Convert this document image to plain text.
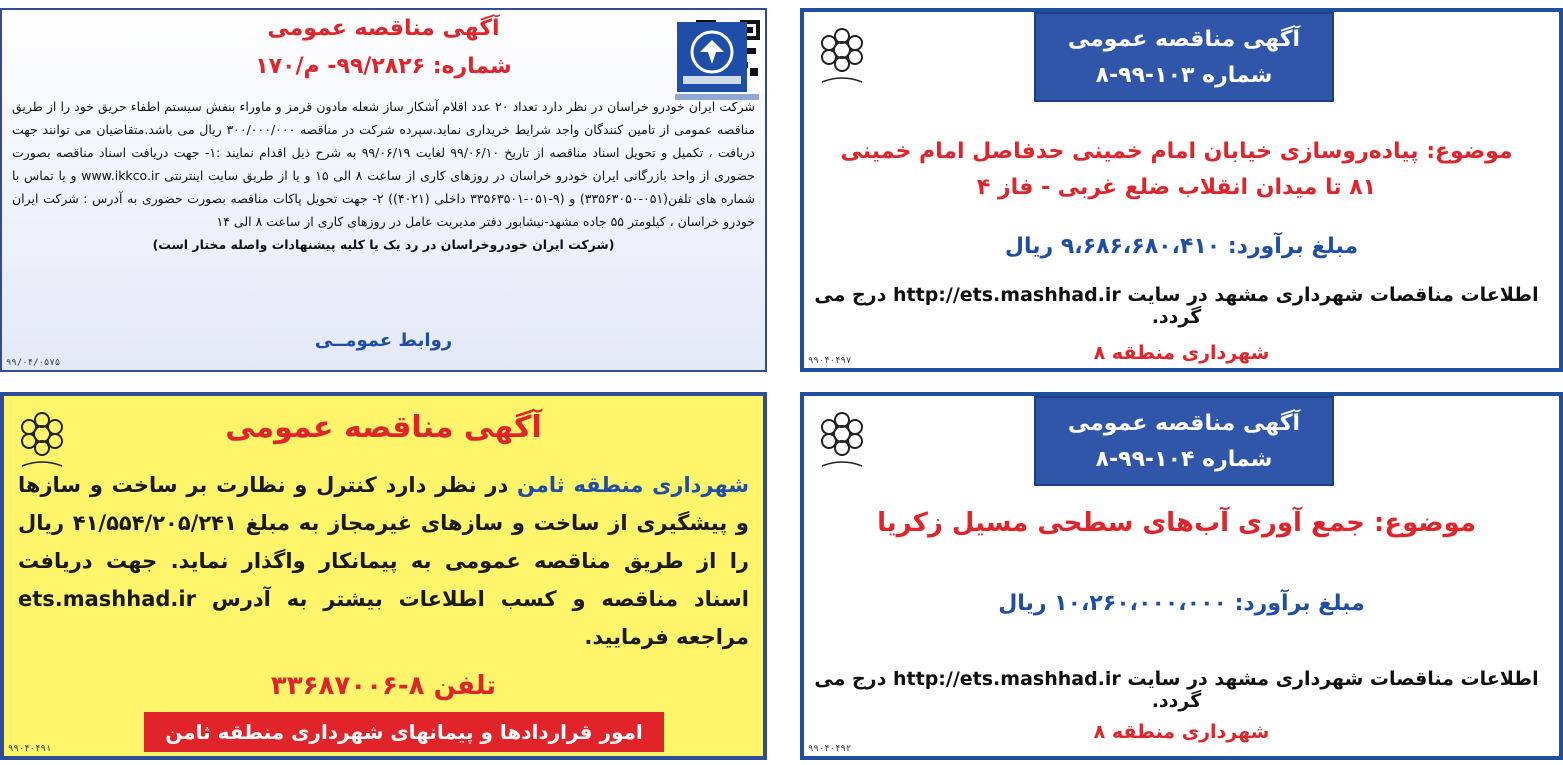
آگهی مناقصه عمومی
شماره: ۹۹/۲۸۲۶- م/۱۷۰
شرکت ایران خودرو خراسان در نظر دارد تعداد ۲۰ عدد اقلام آشکار ساز شعله مادون قرمز و ماوراء بنفش سیستم اطفاء حریق خود را از طریق مناقصه عمومی از تامین کنندگان واجد شرایط خریداری نماید.سپرده شرکت در مناقصه ۳۰۰/۰۰۰/۰۰۰ ریال می باشد.متقاضیان می توانند جهت دریافت ، تکمیل و تحویل اسناد مناقصه از تاریخ ۹۹/۰۶/۱۰ لغایت ۹۹/۰۶/۱۹ به شرح ذیل اقدام نمایند :۱- جهت دریافت اسناد مناقصه بصورت حضوری از واحد بازرگانی ایران خودرو خراسان در روزهای کاری از ساعت ۸ الی ۱۵ و یا از طریق سایت اینترنتی www.ikkco.ir و یا تماس با شماره های تلفن(۰۵۱-۳۳۵۶۳۰۵۰) و (۹-۰۵۱-۳۳۵۶۳۵۰۱ داخلی (۴۰۲۱)) ۲- جهت تحویل پاکات مناقصه بصورت حضوری به آدرس : شرکت ایران خودرو خراسان ، کیلومتر ۵۵ جاده مشهد-نیشابور دفتر مدیریت عامل در روزهای کاری از ساعت ۸ الی ۱۴
(شرکت ایران خودروخراسان در رد یک یا کلیه پیشنهادات واصله مختار است)
روابط عمومــی
۹۹/۰۴/۰۵۷۵
آگهی مناقصه عمومی
شماره ۱۰۳-۹۹-۸
موضوع: پیاده‌روسازی خیابان امام خمینی حدفاصل امام خمینی
۸۱ تا میدان انقلاب ضلع غربی - فاز ۴
مبلغ برآورد: ۹،۶۸۶،۶۸۰،۴۱۰ ریال
اطلاعات مناقصات شهرداری مشهد در سایت http://ets.mashhad.ir درج می گردد.
شهرداری منطقه ۸
۹۹۰۴۰۴۹۷
آگهی مناقصه عمومی
شهرداری منطقه ثامن در نظر دارد کنترل و نظارت بر ساخت و سازها و پیشگیری از ساخت و سازهای غیرمجاز به مبلغ ۴۱/۵۵۴/۲۰۵/۲۴۱ ریال را از طریق مناقصه عمومی به پیمانکار واگذار نماید. جهت دریافت اسناد مناقصه و کسب اطلاعات بیشتر به آدرس ets.mashhad.ir مراجعه فرمایید.
تلفن ۸-۳۳۶۸۷۰۰۶
امور قراردادها و پیمانهای شهرداری منطقه ثامن
۹۹۰۴۰۴۹۱
آگهی مناقصه عمومی
شماره ۱۰۴-۹۹-۸
موضوع: جمع آوری آب‌های سطحی مسیل زکریا
مبلغ برآورد: ۱۰،۲۶۰،۰۰۰،۰۰۰ ریال
اطلاعات مناقصات شهرداری مشهد در سایت http://ets.mashhad.ir درج می گردد.
شهرداری منطقه ۸
۹۹۰۴۰۴۹۲
